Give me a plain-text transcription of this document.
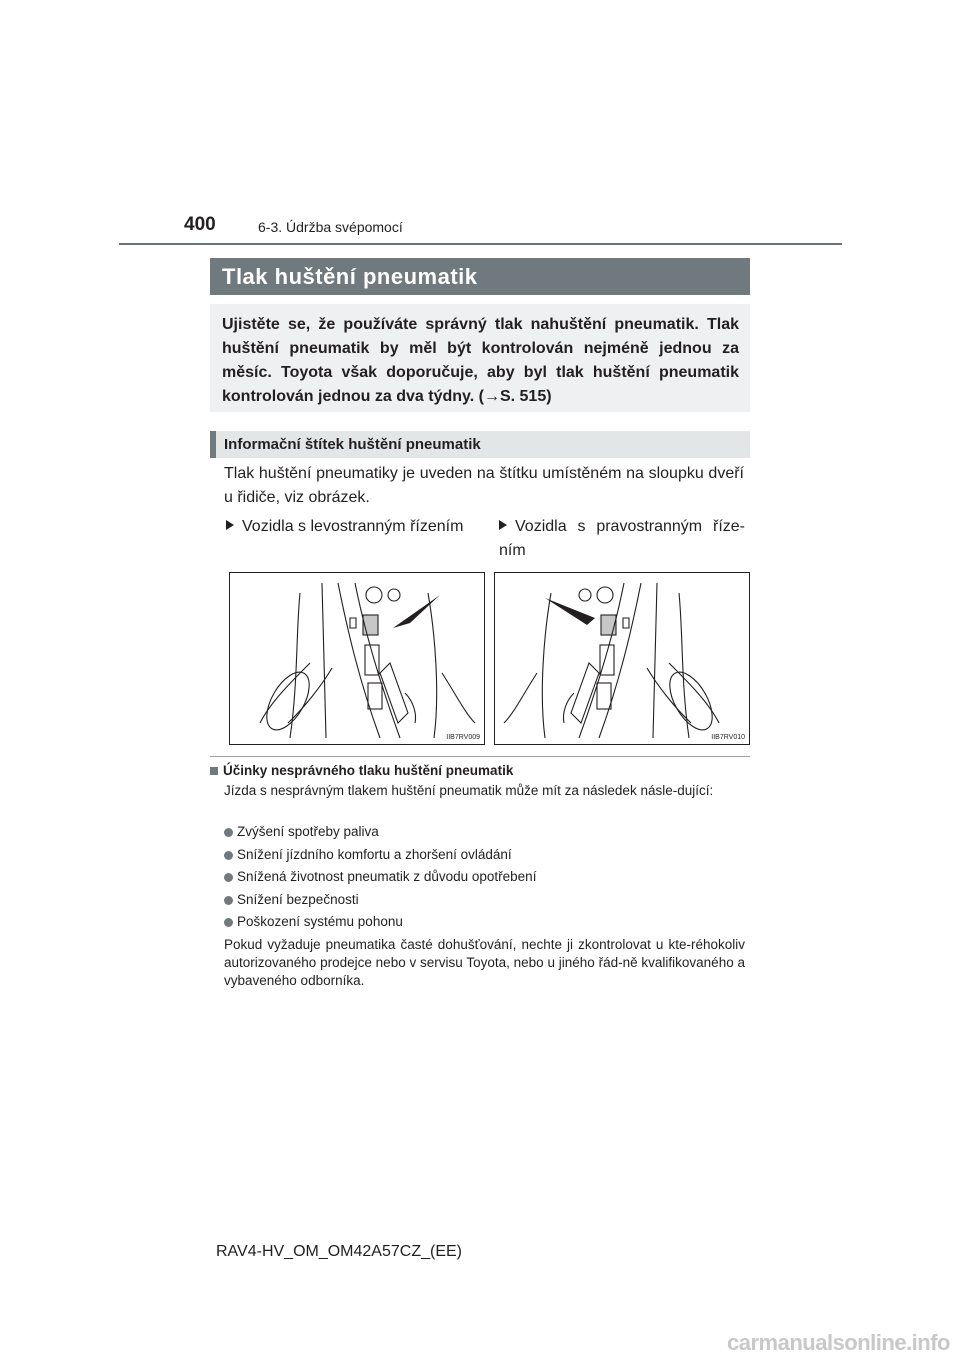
400	6-3. Údržba svépomocí
Tlak huštění pneumatik
Ujistěte se, že používáte správný tlak nahuštění pneumatik. Tlak huštění pneumatik by měl být kontrolován nejméně jednou za měsíc. Toyota však doporučuje, aby byl tlak huštění pneumatik kontrolován jednou za dva týdny. (→S. 515)
Informační štítek huštění pneumatik
Tlak huštění pneumatiky je uveden na štítku umístěném na sloupku dveří u řidiče, viz obrázek.
Vozidla s levostranným řízením	Vozidla s pravostranným říze-ním
IIB7RV009	IIB7RV010
Účinky nesprávného tlaku huštění pneumatik
Jízda s nesprávným tlakem huštění pneumatik může mít za následek násle-dující:
Zvýšení spotřeby paliva
Snížení jízdního komfortu a zhoršení ovládání
Snížená životnost pneumatik z důvodu opotřebení
Snížení bezpečnosti
Poškození systému pohonu
Pokud vyžaduje pneumatika časté dohušťování, nechte ji zkontrolovat u kte-réhokoliv autorizovaného prodejce nebo v servisu Toyota, nebo u jiného řád-ně kvalifikovaného a vybaveného odborníka.
RAV4-HV_OM_OM42A57CZ_(EE)
carmanualsonline.info
